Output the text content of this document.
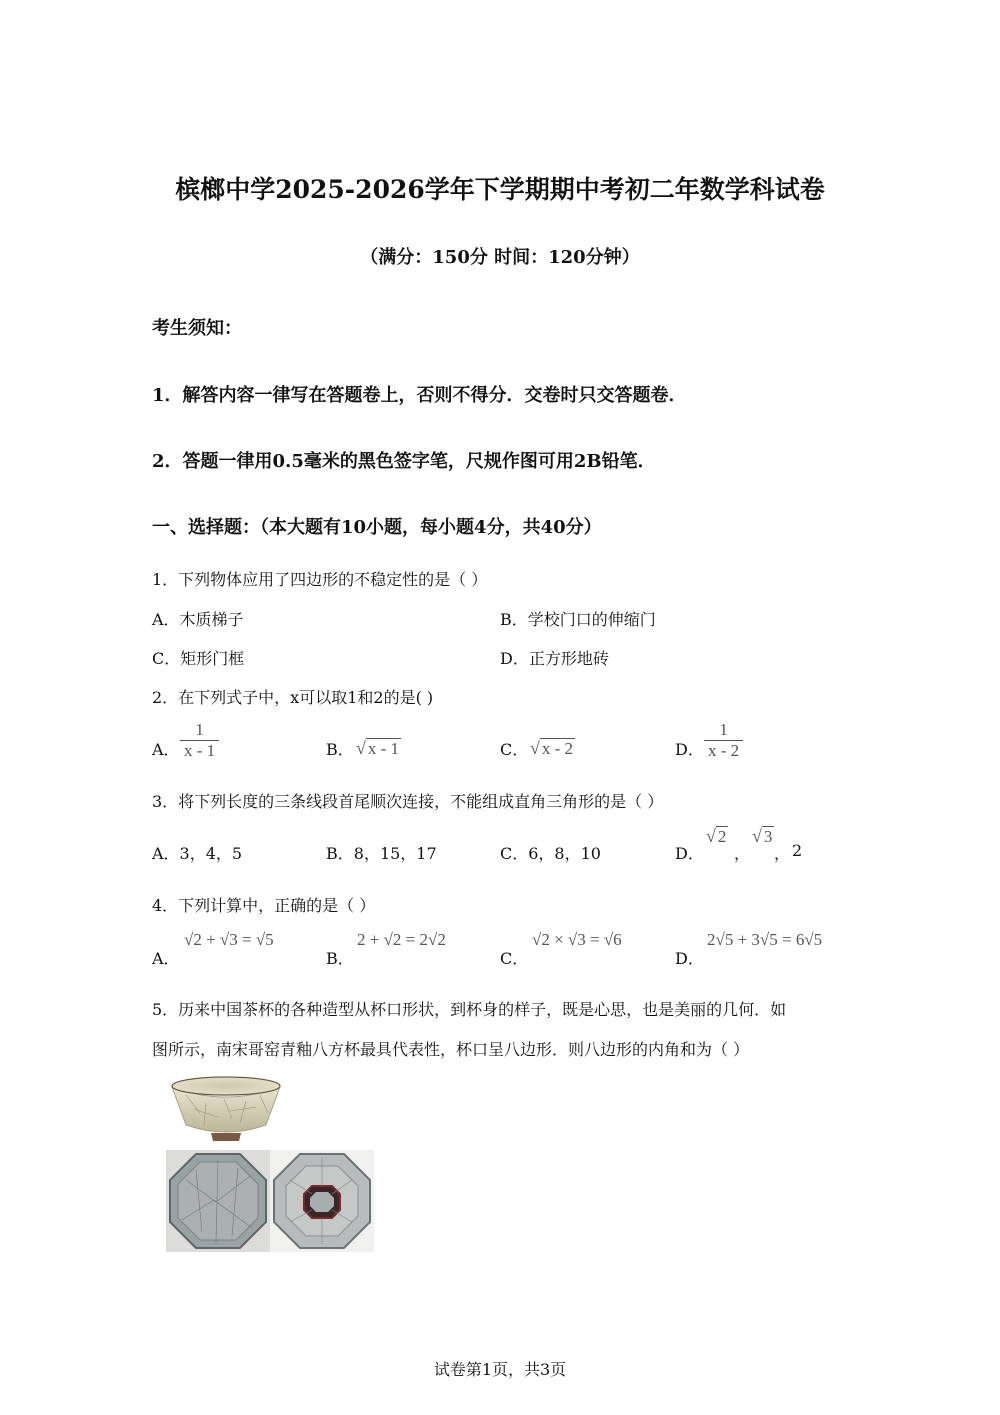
槟榔中学2025-2026学年下学期期中考初二年数学科试卷
（满分：150分 时间：120分钟）
考生须知：
1．解答内容一律写在答题卷上，否则不得分．交卷时只交答题卷．
2．答题一律用0.5毫米的黑色签字笔，尺规作图可用2B铅笔．
一、选择题：（本大题有10小题，每小题4分，共40分）
1．下列物体应用了四边形的不稳定性的是（ ）
A．木质梯子	B．学校门口的伸缩门
C．矩形门框	D．正方形地砖
2．在下列式子中，x可以取1和2的是( )
A． $\frac{1}{x - 1}$	B． √ x - 1	C． √ x - 2	D． $\frac{1}{x - 2}$
3．将下列长度的三条线段首尾顺次连接，不能组成直角三角形的是（ ）
A．3，4，5	B．8，15，17	C．6，8，10	D．
√ 2
，
√ 3
， 2
4．下列计算中，正确的是（ ）
A．
√2 + √3 = √5
B．
2 + √2 = 2√2
C．
√2 × √3 = √6
D．
2√5 + 3√5 = 6√5
5．历来中国茶杯的各种造型从杯口形状，到杯身的样子，既是心思，也是美丽的几何．如
图所示，南宋哥窑青釉八方杯最具代表性，杯口呈八边形．则八边形的内角和为（ ）
试卷第1页，共3页
